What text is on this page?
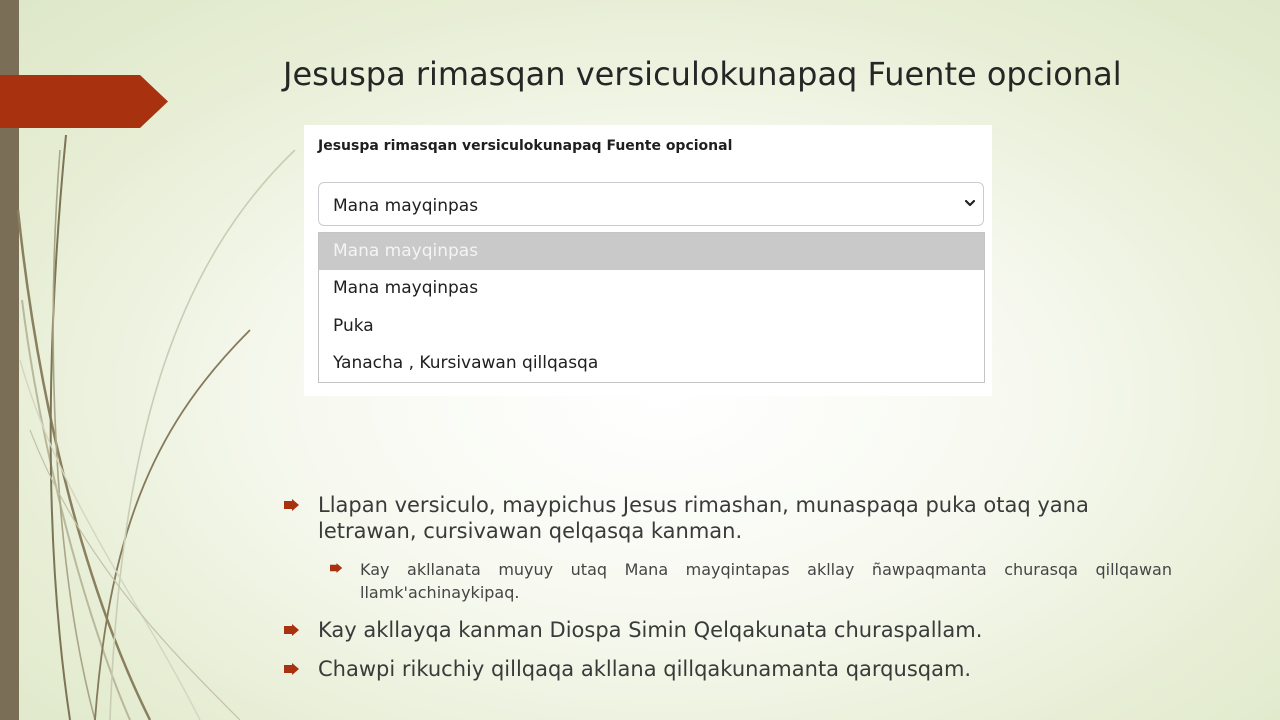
Jesuspa rimasqan versiculokunapaq Fuente opcional
Jesuspa rimasqan versiculokunapaq Fuente opcional
Mana mayqinpas
Mana mayqinpas
Mana mayqinpas
Puka
Yanacha , Kursivawan qillqasqa
Llapan versiculo, maypichus Jesus rimashan, munaspaqa puka otaq yana letrawan, cursivawan qelqasqa kanman.
Kay akllanata muyuy utaq Mana mayqintapas akllay ñawpaqmanta churasqa qillqawan llamk'achinaykipaq.
Kay akllayqa kanman Diospa Simin Qelqakunata churaspallam.
Chawpi rikuchiy qillqaqa akllana qillqakunamanta qarqusqam.
